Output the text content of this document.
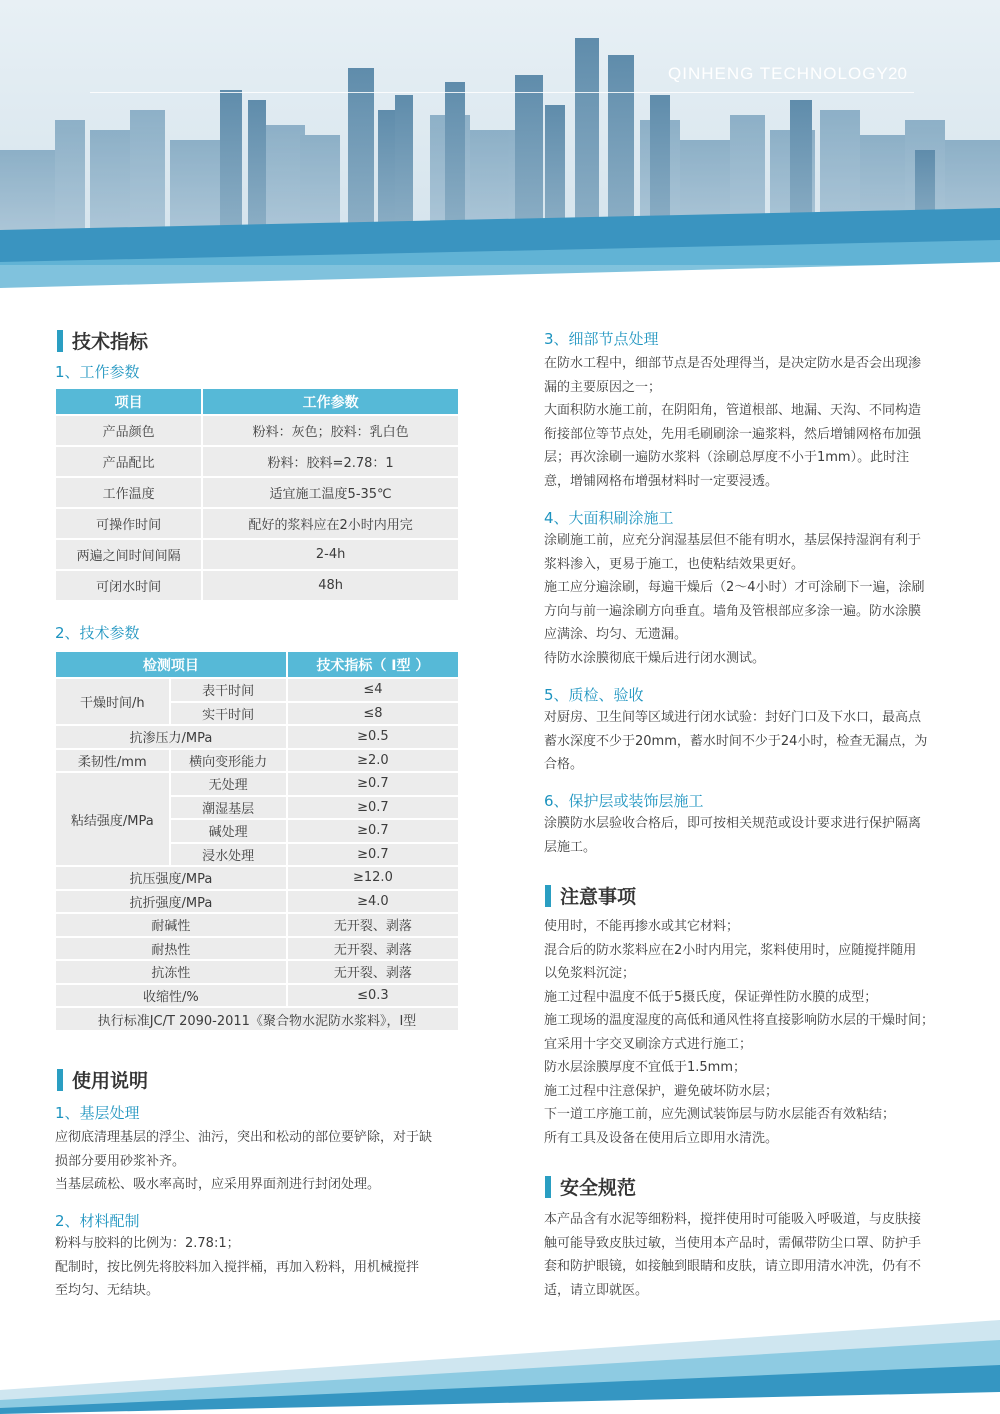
QINHENG TECHNOLOGY 20
技术指标
1、工作参数
项目	工作参数
产品颜色	粉料：灰色；胶料：乳白色
产品配比	粉料：胶料=2.78：1
工作温度	适宜施工温度5-35℃
可操作时间	配好的浆料应在2小时内用完
两遍之间时间间隔	2-4h
可闭水时间	48h
2、技术参数
检测项目		技术指标（ Ⅰ型 ）
干燥时间/h	表干时间	≤4
	实干时间	≤8
抗渗压力/MPa		≥0.5
柔韧性/mm	横向变形能力	≥2.0
粘结强度/MPa	无处理	≥0.7
	潮湿基层	≥0.7
	碱处理	≥0.7
	浸水处理	≥0.7
抗压强度/MPa		≥12.0
抗折强度/MPa		≥4.0
耐碱性		无开裂、剥落
耐热性		无开裂、剥落
抗冻性		无开裂、剥落
收缩性/%		≤0.3
执行标准JC/T 2090-2011《聚合物水泥防水浆料》，Ⅰ型		
使用说明
1、基层处理
应彻底清理基层的浮尘、油污，突出和松动的部位要铲除，对于缺
损部分要用砂浆补齐。
当基层疏松、吸水率高时，应采用界面剂进行封闭处理。
2、材料配制
粉料与胶料的比例为：2.78:1；
配制时，按比例先将胶料加入搅拌桶，再加入粉料，用机械搅拌
至均匀、无结块。
3、细部节点处理
在防水工程中，细部节点是否处理得当，是决定防水是否会出现渗
漏的主要原因之一；
大面积防水施工前，在阴阳角，管道根部、地漏、天沟、不同构造
衔接部位等节点处，先用毛刷刷涂一遍浆料，然后增铺网格布加强
层；再次涂刷一遍防水浆料（涂刷总厚度不小于1mm）。此时注
意，增铺网格布增强材料时一定要浸透。
4、大面积刷涂施工
涂刷施工前，应充分润湿基层但不能有明水，基层保持湿润有利于
浆料渗入，更易于施工，也使粘结效果更好。
施工应分遍涂刷，每遍干燥后（2～4小时）才可涂刷下一遍，涂刷
方向与前一遍涂刷方向垂直。墙角及管根部应多涂一遍。防水涂膜
应满涂、均匀、无遗漏。
待防水涂膜彻底干燥后进行闭水测试。
5、质检、验收
对厨房、卫生间等区域进行闭水试验：封好门口及下水口，最高点
蓄水深度不少于20mm，蓄水时间不少于24小时，检查无漏点，为
合格。
6、保护层或装饰层施工
涂膜防水层验收合格后，即可按相关规范或设计要求进行保护隔离
层施工。
注意事项
使用时，不能再掺水或其它材料；
混合后的防水浆料应在2小时内用完，浆料使用时，应随搅拌随用
以免浆料沉淀；
施工过程中温度不低于5摄氏度，保证弹性防水膜的成型；
施工现场的温度湿度的高低和通风性将直接影响防水层的干燥时间；
宜采用十字交叉刷涂方式进行施工；
防水层涂膜厚度不宜低于1.5mm；
施工过程中注意保护，避免破坏防水层；
下一道工序施工前，应先测试装饰层与防水层能否有效粘结；
所有工具及设备在使用后立即用水清洗。
安全规范
本产品含有水泥等细粉料，搅拌使用时可能吸入呼吸道，与皮肤接
触可能导致皮肤过敏，当使用本产品时，需佩带防尘口罩、防护手
套和防护眼镜，如接触到眼睛和皮肤，请立即用清水冲洗，仍有不
适，请立即就医。
